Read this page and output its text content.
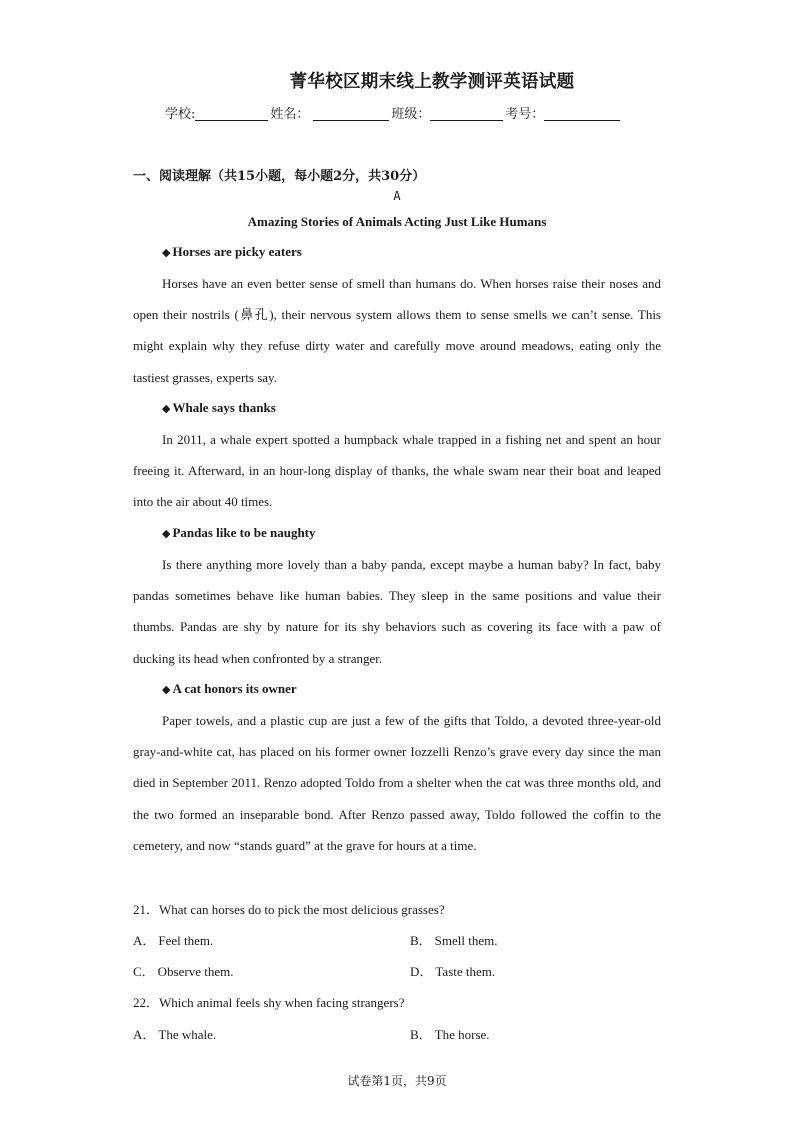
菁华校区期末线上教学测评英语试题
学校:	姓名：	班级：	考号：
一、阅读理解（共15小题，每小题2分，共30分）
A
Amazing Stories of Animals Acting Just Like Humans
◆ Horses are picky eaters
Horses have an even better sense of smell than humans do. When horses raise their noses and open their nostrils (鼻孔), their nervous system allows them to sense smells we can’t sense. This might explain why they refuse dirty water and carefully move around meadows, eating only the tastiest grasses, experts say.
◆ Whale says thanks
In 2011, a whale expert spotted a humpback whale trapped in a fishing net and spent an hour freeing it. Afterward, in an hour-long display of thanks, the whale swam near their boat and leaped into the air about 40 times.
◆ Pandas like to be naughty
Is there anything more lovely than a baby panda, except maybe a human baby? In fact, baby pandas sometimes behave like human babies. They sleep in the same positions and value their thumbs. Pandas are shy by nature for its shy behaviors such as covering its face with a paw of ducking its head when confronted by a stranger.
◆ A cat honors its owner
Paper towels, and a plastic cup are just a few of the gifts that Toldo, a devoted three-year-old gray-and-white cat, has placed on his former owner Iozzelli Renzo’s grave every day since the man died in September 2011. Renzo adopted Toldo from a shelter when the cat was three months old, and the two formed an inseparable bond. After Renzo passed away, Toldo followed the coffin to the cemetery, and now “stands guard” at the grave for hours at a time.
21．What can horses do to pick the most delicious grasses?
A． Feel them.	B． Smell them.
C． Observe them.	D． Taste them.
22．Which animal feels shy when facing strangers?
A． The whale.	B． The horse.
试卷第1页，共9页
